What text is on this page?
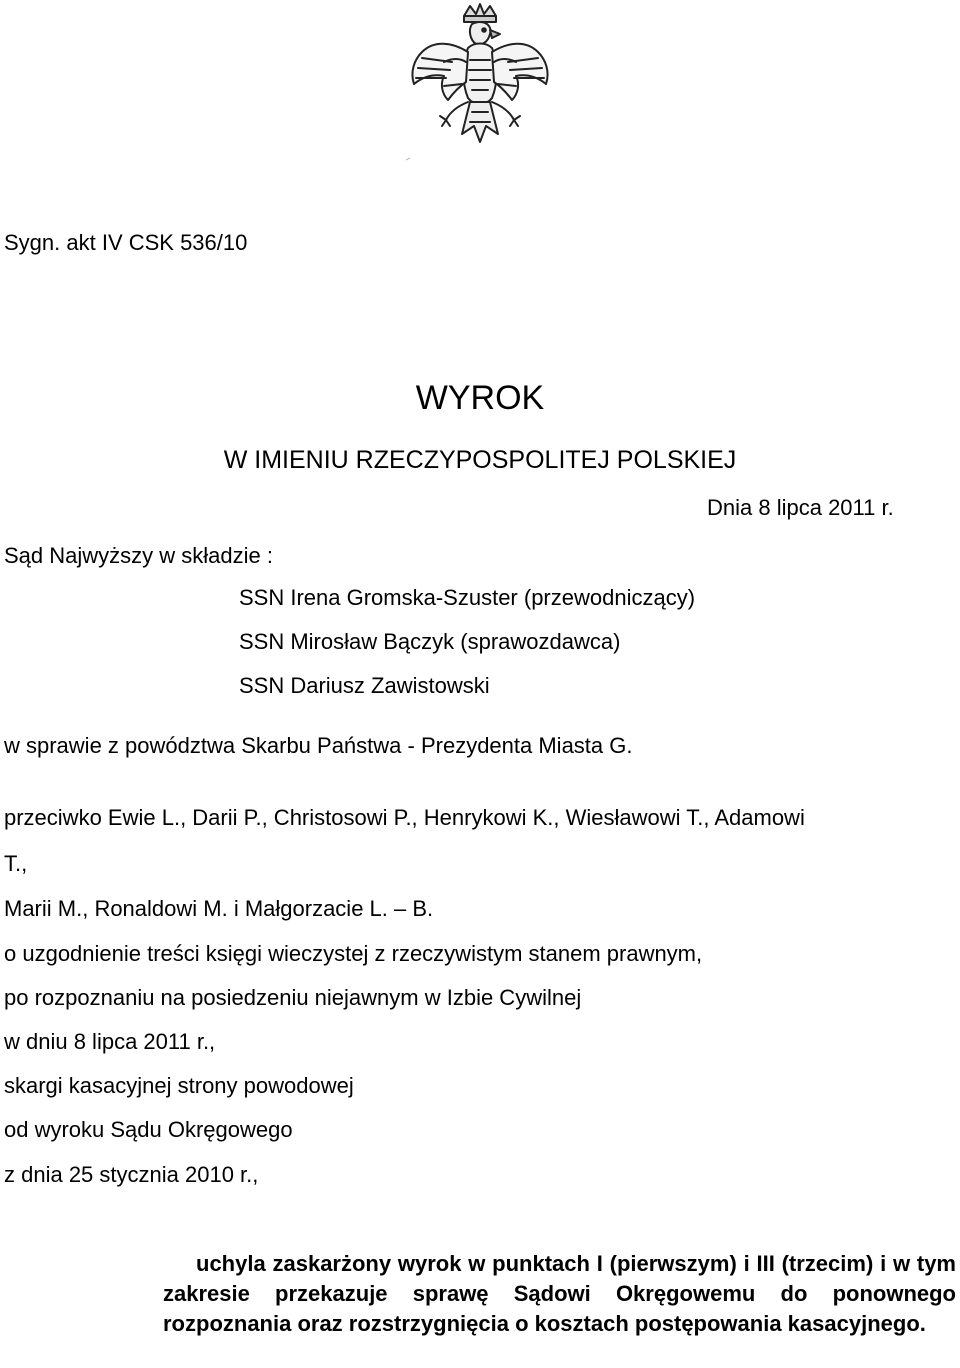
Sygn. akt IV CSK 536/10
WYROK
W IMIENIU RZECZYPOSPOLITEJ POLSKIEJ
Dnia 8 lipca 2011 r.
Sąd Najwyższy w składzie :
SSN Irena Gromska-Szuster (przewodniczący)
SSN Mirosław Bączyk (sprawozdawca)
SSN Dariusz Zawistowski
w sprawie z powództwa Skarbu Państwa - Prezydenta Miasta G.
przeciwko Ewie L., Darii P., Christosowi P., Henrykowi K., Wiesławowi T., Adamowi
T.,
Marii M., Ronaldowi M. i Małgorzacie L. – B.
o uzgodnienie treści księgi wieczystej z rzeczywistym stanem prawnym,
po rozpoznaniu na posiedzeniu niejawnym w Izbie Cywilnej
w dniu 8 lipca 2011 r.,
skargi kasacyjnej strony powodowej
od wyroku Sądu Okręgowego
z dnia 25 stycznia 2010 r.,
uchyla zaskarżony wyrok w punktach I (pierwszym) i III (trzecim) i w tym zakresie przekazuje sprawę Sądowi Okręgowemu do ponownego rozpoznania oraz rozstrzygnięcia o kosztach postępowania kasacyjnego.
